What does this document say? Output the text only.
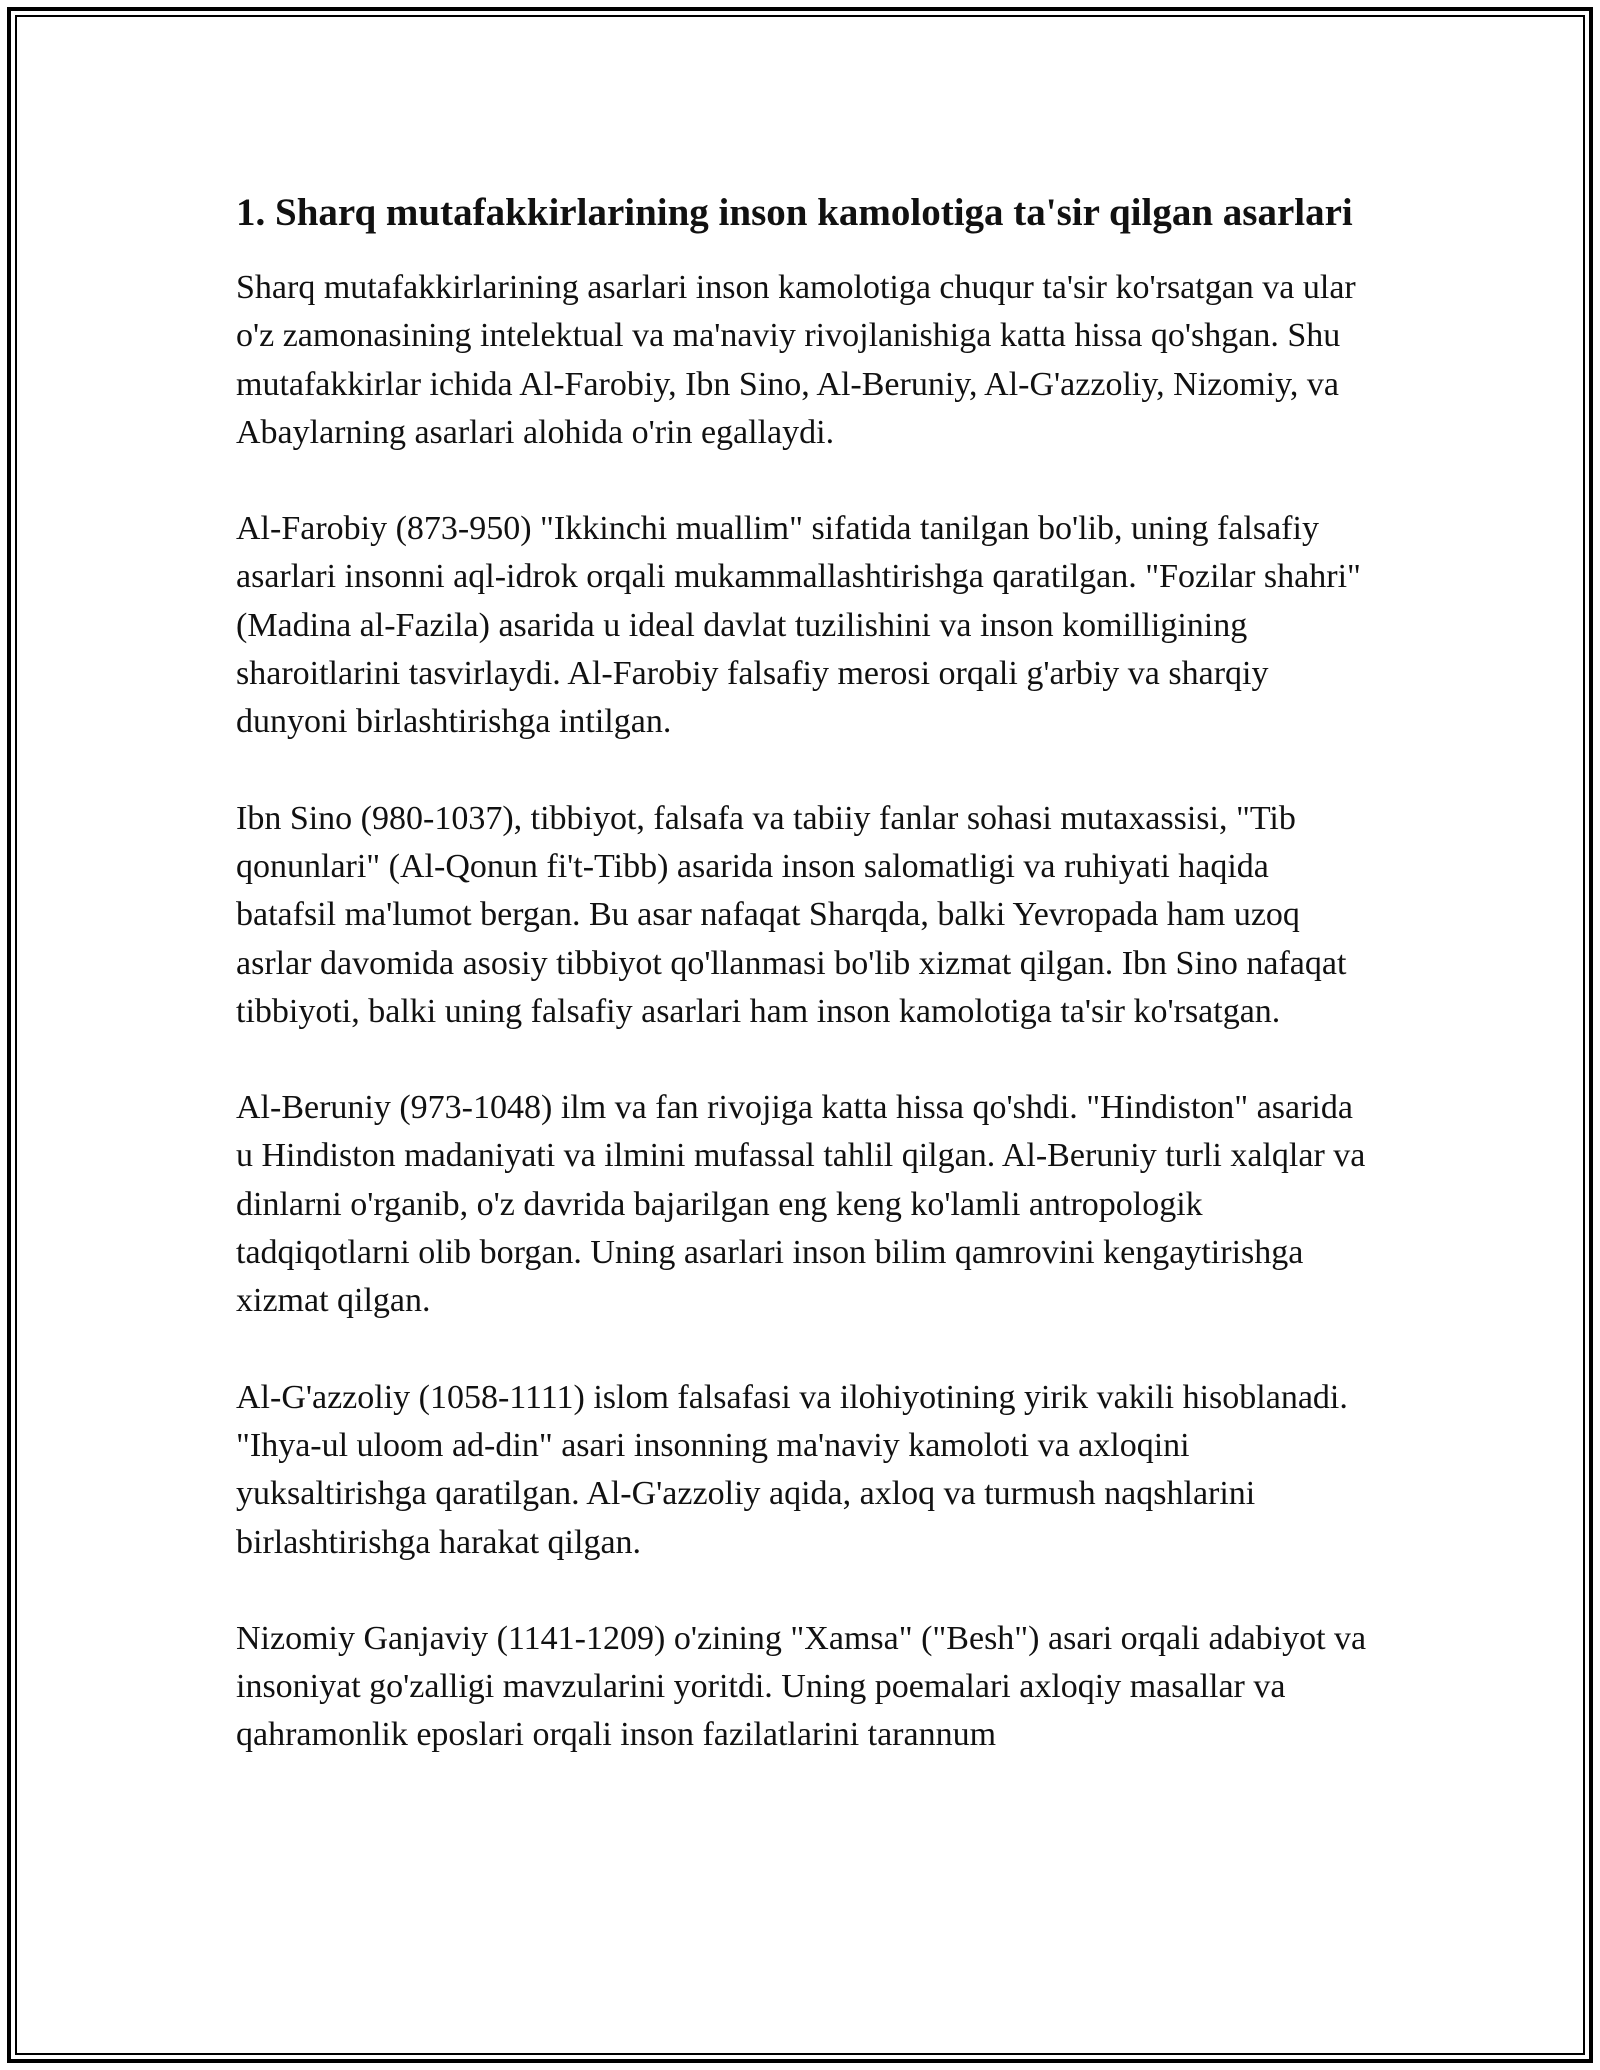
1. Sharq mutafakkirlarining inson kamolotiga ta'sir qilgan asarlari

Sharq mutafakkirlarining asarlari inson kamolotiga chuqur ta'sir ko'rsatgan va ular o'z zamonasining intelektual va ma'naviy rivojlanishiga katta hissa qo'shgan. Shu mutafakkirlar ichida Al-Farobiy, Ibn Sino, Al-Beruniy, Al-G'azzoliy, Nizomiy, va Abaylarning asarlari alohida o'rin egallaydi.

Al-Farobiy (873-950) "Ikkinchi muallim" sifatida tanilgan bo'lib, uning falsafiy asarlari insonni aql-idrok orqali mukammallashtirishga qaratilgan. "Fozilar shahri" (Madina al-Fazila) asarida u ideal davlat tuzilishini va inson komilligining sharoitlarini tasvirlaydi. Al-Farobiy falsafiy merosi orqali g'arbiy va sharqiy dunyoni birlashtirishga intilgan.

Ibn Sino (980-1037), tibbiyot, falsafa va tabiiy fanlar sohasi mutaxassisi, "Tib qonunlari" (Al-Qonun fi't-Tibb) asarida inson salomatligi va ruhiyati haqida batafsil ma'lumot bergan. Bu asar nafaqat Sharqda, balki Yevropada ham uzoq asrlar davomida asosiy tibbiyot qo'llanmasi bo'lib xizmat qilgan. Ibn Sino nafaqat tibbiyoti, balki uning falsafiy asarlari ham inson kamolotiga ta'sir ko'rsatgan.

Al-Beruniy (973-1048) ilm va fan rivojiga katta hissa qo'shdi. "Hindiston" asarida u Hindiston madaniyati va ilmini mufassal tahlil qilgan. Al-Beruniy turli xalqlar va dinlarni o'rganib, o'z davrida bajarilgan eng keng ko'lamli antropologik tadqiqotlarni olib borgan. Uning asarlari inson bilim qamrovini kengaytirishga xizmat qilgan.

Al-G'azzoliy (1058-1111) islom falsafasi va ilohiyotining yirik vakili hisoblanadi. "Ihya-ul uloom ad-din" asari insonning ma'naviy kamoloti va axloqini yuksaltirishga qaratilgan. Al-G'azzoliy aqida, axloq va turmush naqshlarini birlashtirishga harakat qilgan.

Nizomiy Ganjaviy (1141-1209) o'zining "Xamsa" ("Besh") asari orqali adabiyot va insoniyat go'zalligi mavzularini yoritdi. Uning poemalari axloqiy masallar va qahramonlik eposlari orqali inson fazilatlarini tarannum
